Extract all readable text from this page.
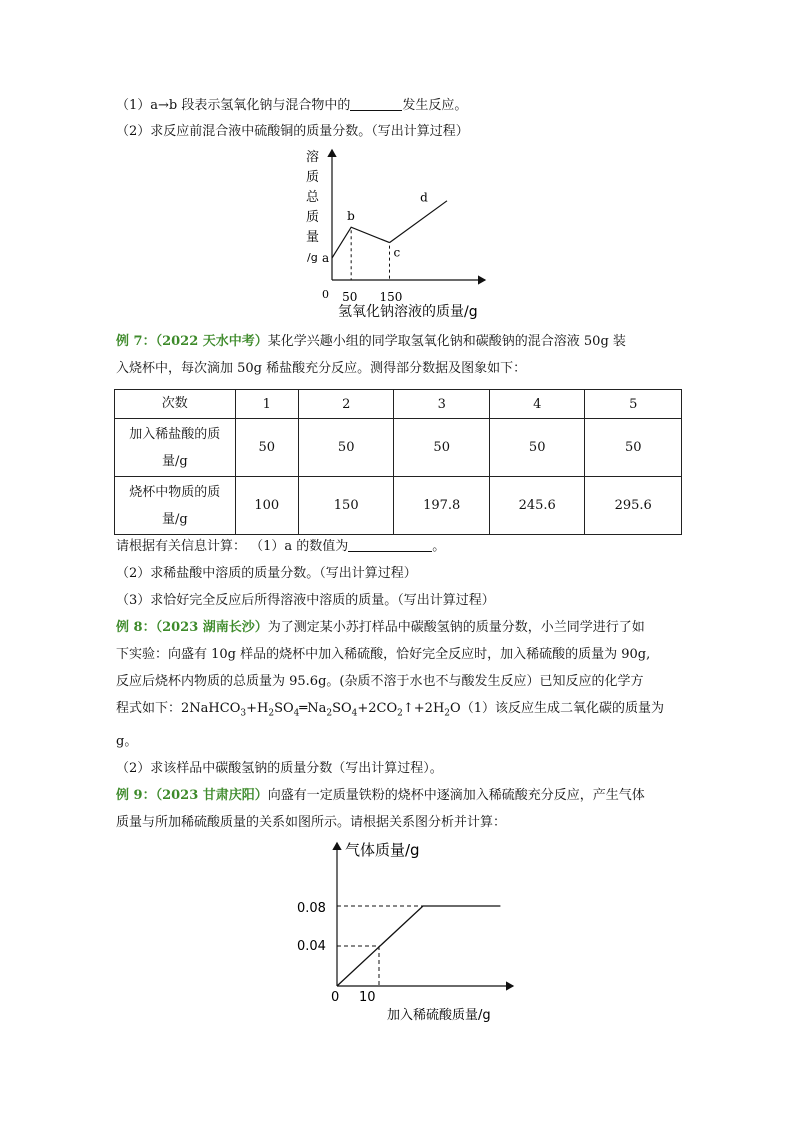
（1）a→b 段表示氢氧化钠与混合物中的	发生反应。
（2）求反应前混合液中硫酸铜的质量分数。（写出计算过程）
溶
质
总
质
量
/g
0
a
b
c
d
50 150
氢氧化钠溶液的质量/g
例 7：（2022 天水中考）某化学兴趣小组的同学取氢氧化钠和碳酸钠的混合溶液 50g 装
入烧杯中，每次滴加 50g 稀盐酸充分反应。测得部分数据及图象如下：
次数	1	2	3	4	5
加入稀盐酸的质
量/g	50	50	50	50	50
烧杯中物质的质
量/g	100	150	197.8	245.6	295.6
请根据有关信息计算： （1）a 的数值为	。
（2）求稀盐酸中溶质的质量分数。（写出计算过程）
（3）求恰好完全反应后所得溶液中溶质的质量。（写出计算过程）
例 8：（2023 湖南长沙）为了测定某小苏打样品中碳酸氢钠的质量分数，小兰同学进行了如
下实验：向盛有 10g 样品的烧杯中加入稀硫酸，恰好完全反应时，加入稀硫酸的质量为 90g,
反应后烧杯内物质的总质量为 95.6g。(杂质不溶于水也不与酸发生反应）已知反应的化学方
程式如下：$2NaHCO_3+H_2SO_4═Na_2SO_4+2CO_2↑+2H_2O(1)$该反应生成二氧化碳的质量为
g。
（2）求该样品中碳酸氢钠的质量分数（写出计算过程）。
例 9：（2023 甘肃庆阳）向盛有一定质量铁粉的烧杯中逐滴加入稀硫酸充分反应，产生气体
质量与所加稀硫酸质量的关系如图所示。请根据关系图分析并计算：
气体质量/g
0.08
0.04
0 10
加入稀硫酸质量/g
